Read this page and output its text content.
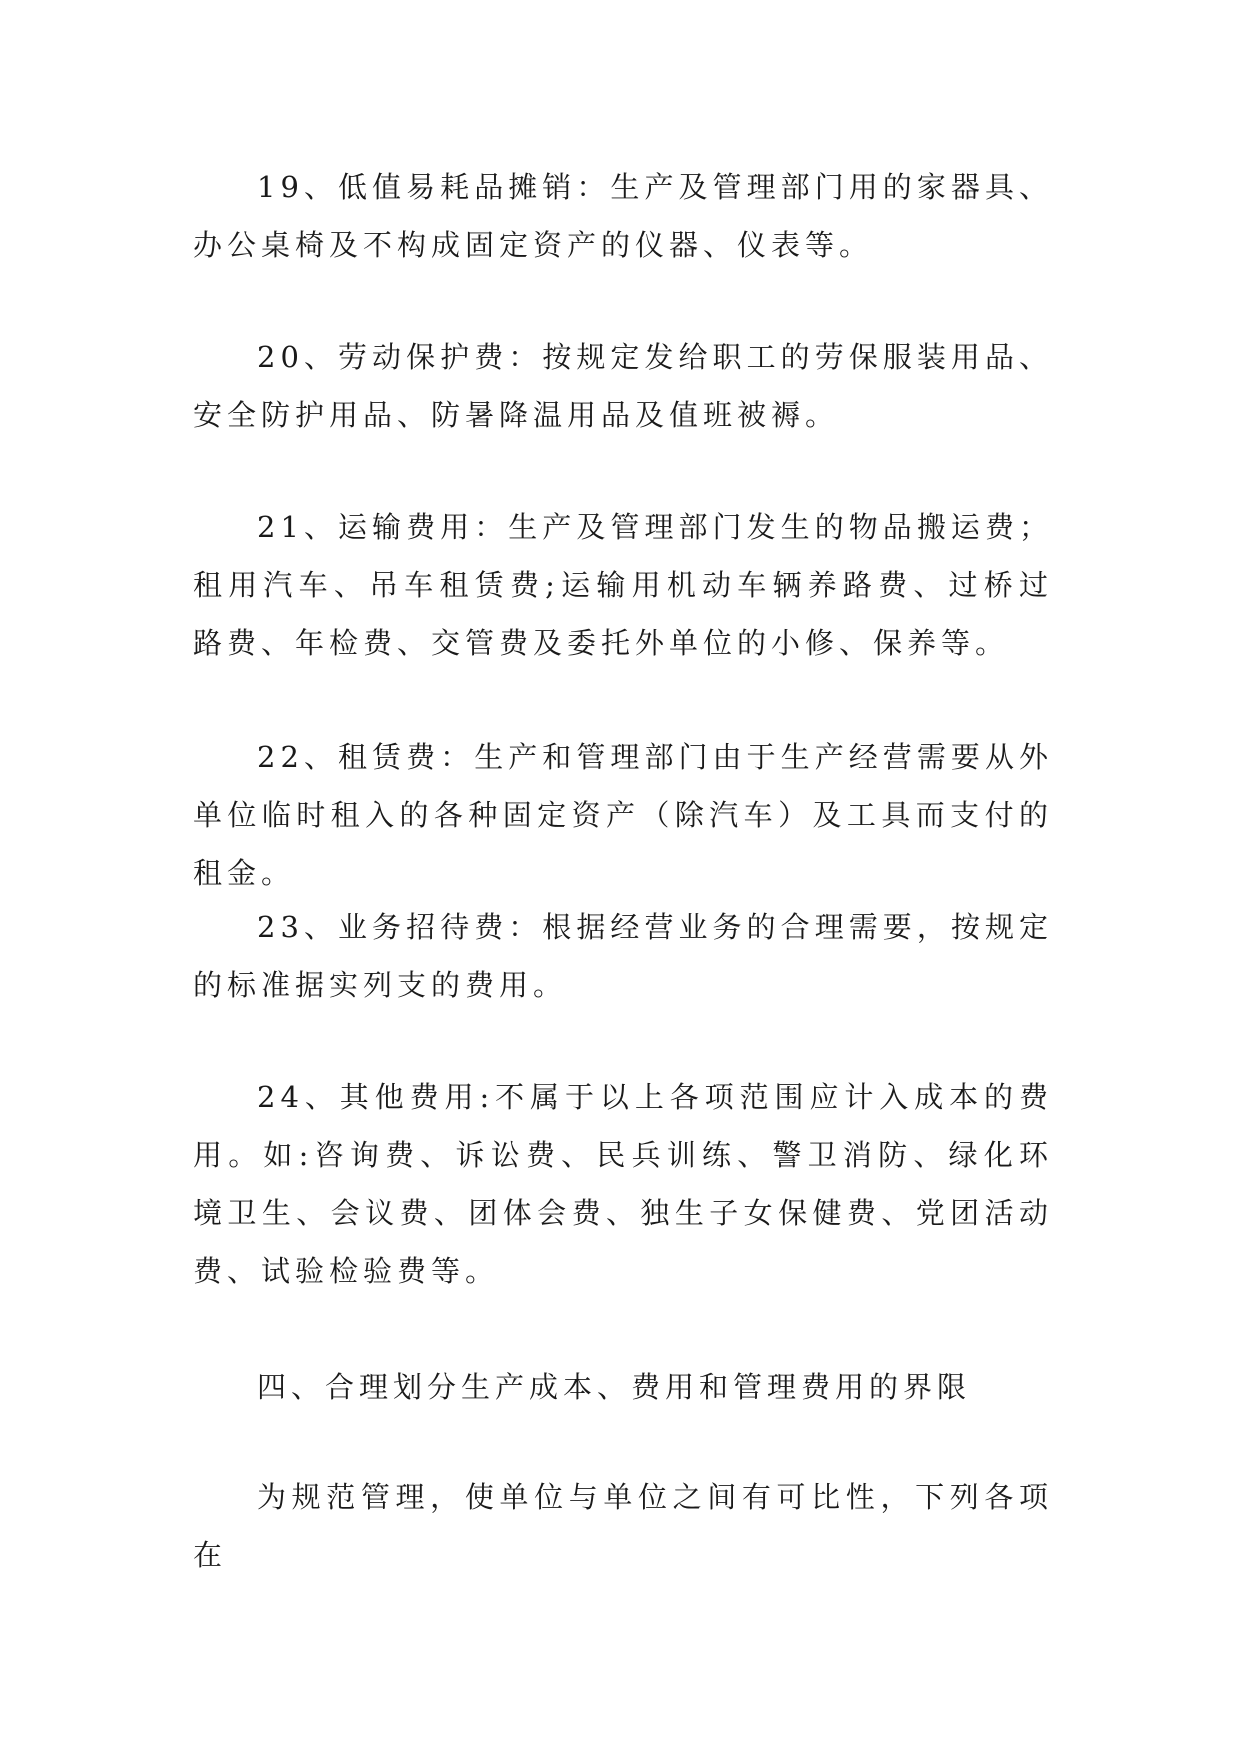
19、低值易耗品摊销：生产及管理部门用的家器具、办公桌椅及不构成固定资产的仪器、仪表等。

20、劳动保护费：按规定发给职工的劳保服装用品、安全防护用品、防暑降温用品及值班被褥。

21、运输费用：生产及管理部门发生的物品搬运费；租用汽车、吊车租赁费;运输用机动车辆养路费、过桥过路费、年检费、交管费及委托外单位的小修、保养等。

22、租赁费：生产和管理部门由于生产经营需要从外单位临时租入的各种固定资产（除汽车）及工具而支付的租金。

23、业务招待费：根据经营业务的合理需要，按规定的标准据实列支的费用。

24、其他费用:不属于以上各项范围应计入成本的费用。如:咨询费、诉讼费、民兵训练、警卫消防、绿化环境卫生、会议费、团体会费、独生子女保健费、党团活动费、试验检验费等。

四、合理划分生产成本、费用和管理费用的界限

为规范管理，使单位与单位之间有可比性，下列各项在
